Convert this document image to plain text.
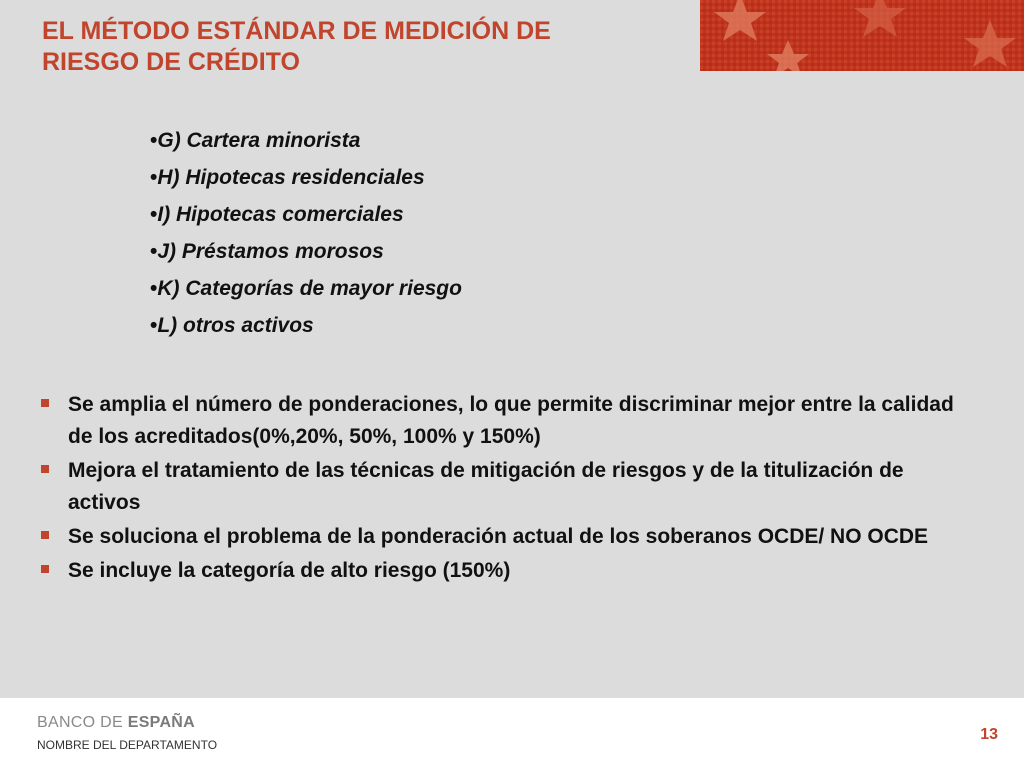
EL MÉTODO ESTÁNDAR DE MEDICIÓN DE
RIESGO DE CRÉDITO
•G) Cartera minorista
•H) Hipotecas residenciales
•I) Hipotecas comerciales
•J) Préstamos morosos
•K) Categorías de mayor riesgo
•L) otros activos
Se amplia el número de ponderaciones, lo que permite discriminar mejor entre la calidad de los acreditados(0%,20%, 50%, 100% y 150%)
Mejora el tratamiento de las técnicas de mitigación de riesgos y de la titulización de activos
Se soluciona el problema de la ponderación actual de los soberanos OCDE/ NO OCDE
Se incluye la categoría de alto riesgo (150%)
BANCO DE ESPAÑA
NOMBRE DEL DEPARTAMENTO
13
